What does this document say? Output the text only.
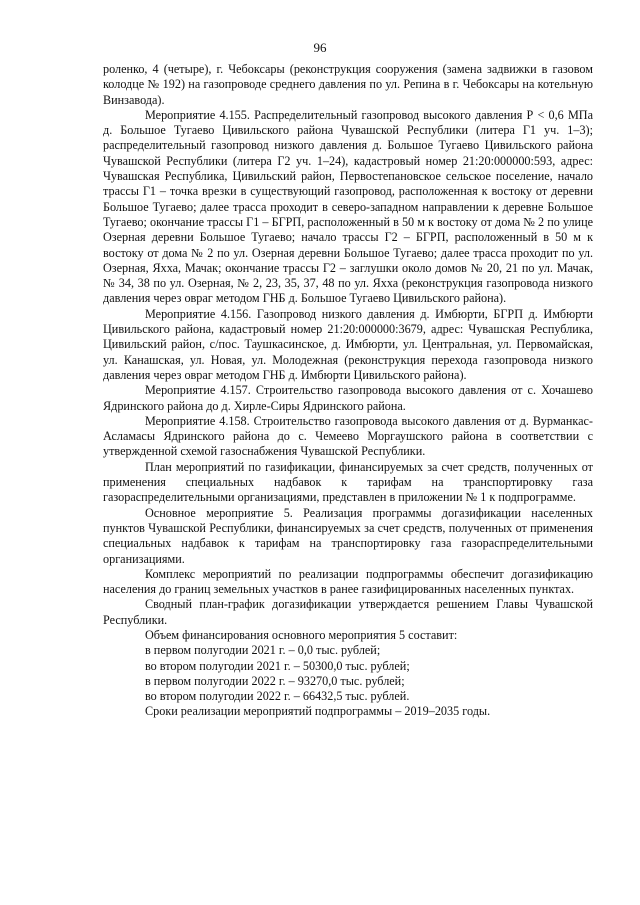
96

роленко, 4 (четыре), г. Чебоксары (реконструкция сооружения (замена задвижки в газовом колодце № 192) на газопроводе среднего давления по ул. Репина в г. Чебоксары на котельную Винзавода).

Мероприятие 4.155. Распределительный газопровод высокого давления Р < 0,6 МПа д. Большое Тугаево Цивильского района Чувашской Республики (литера Г1 уч. 1–3); распределительный газопровод низкого давления д. Большое Тугаево Цивильского района Чувашской Республики (литера Г2 уч. 1–24), кадастровый номер 21:20:000000:593, адрес: Чувашская Республика, Цивильский район, Первостепановское сельское поселение, начало трассы Г1 – точка врезки в существующий газопровод, расположенная к востоку от деревни Большое Тугаево; далее трасса проходит в северо-западном направлении к деревне Большое Тугаево; окончание трассы Г1 – БГРП, расположенный в 50 м к востоку от дома № 2 по улице Озерная деревни Большое Тугаево; начало трассы Г2 – БГРП, расположенный в 50 м к востоку от дома № 2 по ул. Озерная деревни Большое Тугаево; далее трасса проходит по ул. Озерная, Яхха, Мачак; окончание трассы Г2 – заглушки около домов № 20, 21 по ул. Мачак, № 34, 38 по ул. Озерная, № 2, 23, 35, 37, 48 по ул. Яхха (реконструкция газопровода низкого давления через овраг методом ГНБ д. Большое Тугаево Цивильского района).

Мероприятие 4.156. Газопровод низкого давления д. Имбюрти, БГРП д. Имбюрти Цивильского района, кадастровый номер 21:20:000000:3679, адрес: Чувашская Республика, Цивильский район, с/пос. Таушкасинское, д. Имбюрти, ул. Центральная, ул. Первомайская, ул. Канашская, ул. Новая, ул. Молодежная (реконструкция перехода газопровода низкого давления через овраг методом ГНБ д. Имбюрти Цивильского района).

Мероприятие 4.157. Строительство газопровода высокого давления от с. Хочашево Ядринского района до д. Хирле-Сиры Ядринского района.

Мероприятие 4.158. Строительство газопровода высокого давления от д. Вурманкас-Асламасы Ядринского района до с. Чемеево Моргаушского района в соответствии с утвержденной схемой газоснабжения Чувашской Республики.

План мероприятий по газификации, финансируемых за счет средств, полученных от применения специальных надбавок к тарифам на транспортировку газа газораспределительными организациями, представлен в приложении № 1 к подпрограмме.

Основное мероприятие 5. Реализация программы догазификации населенных пунктов Чувашской Республики, финансируемых за счет средств, полученных от применения специальных надбавок к тарифам на транспортировку газа газораспределительными организациями.

Комплекс мероприятий по реализации подпрограммы обеспечит догазификацию населения до границ земельных участков в ранее газифицированных населенных пунктах.

Сводный план-график догазификации утверждается решением Главы Чувашской Республики.

Объем финансирования основного мероприятия 5 составит:

в первом полугодии 2021 г. – 0,0 тыс. рублей;

во втором полугодии 2021 г. – 50300,0 тыс. рублей;

в первом полугодии 2022 г. – 93270,0 тыс. рублей;

во втором полугодии 2022 г. – 66432,5 тыс. рублей.

Сроки реализации мероприятий подпрограммы – 2019–2035 годы.
